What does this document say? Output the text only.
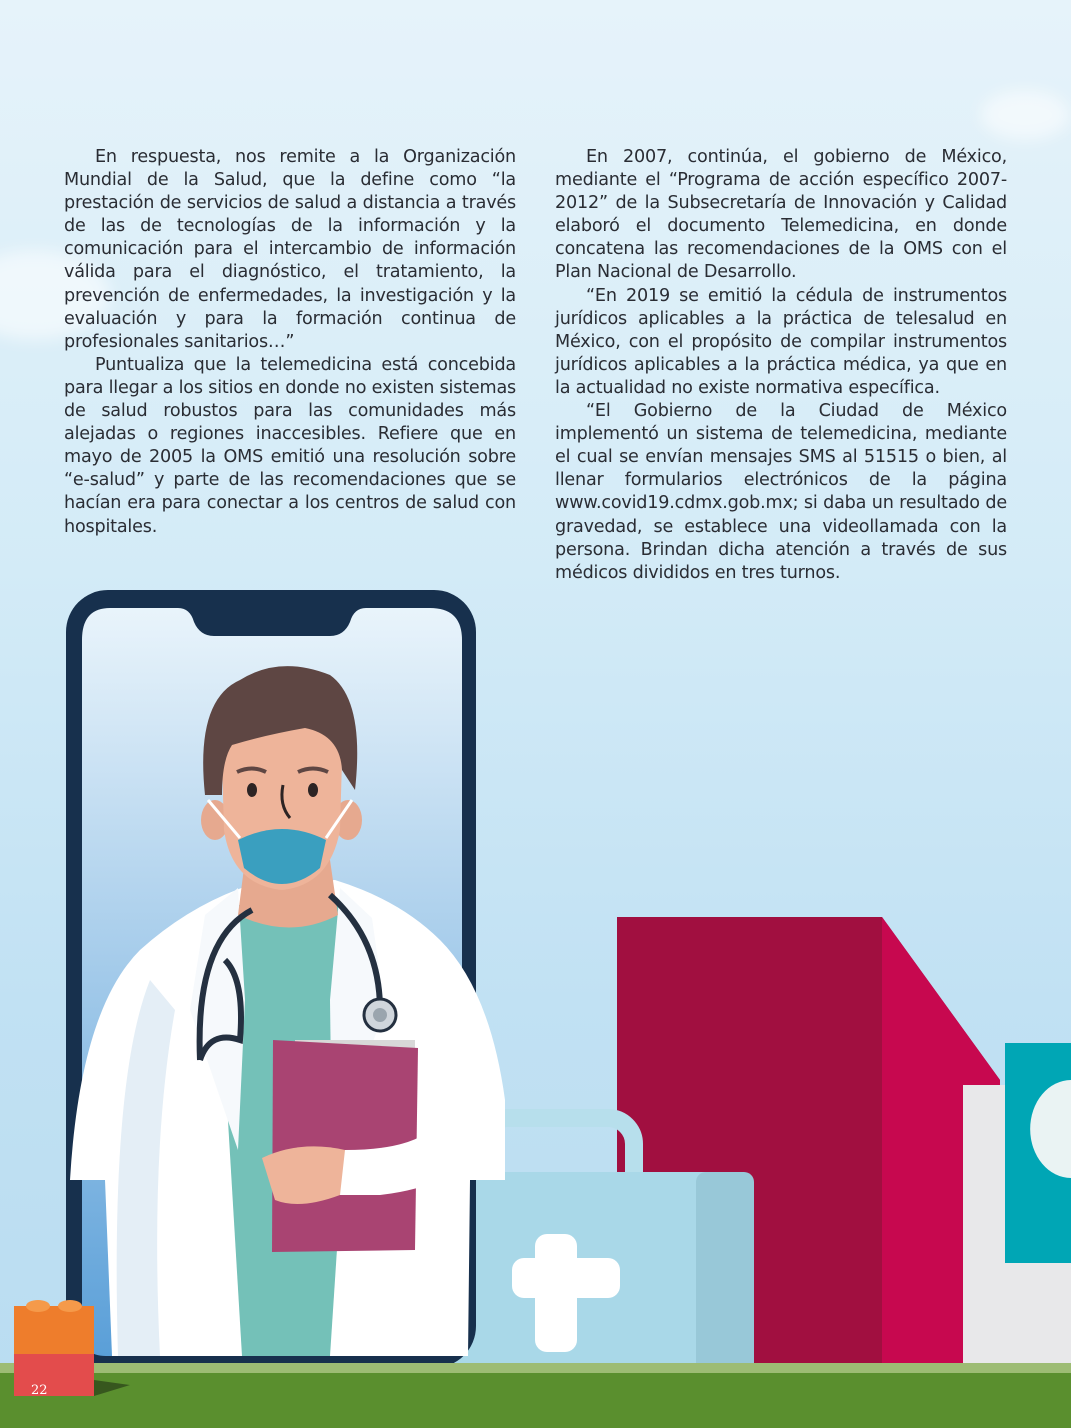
En respuesta, nos remite a la Organización Mundial de la Salud, que la define como “la prestación de servicios de salud a distancia a través de las de tecnologías de la información y la comunicación para el intercambio de información válida para el diagnóstico, el tratamiento, la prevención de enfermedades, la investigación y la evaluación y para la formación continua de profesionales sanitarios…”

Puntualiza que la telemedicina está concebida para llegar a los sitios en donde no existen sistemas de salud robustos para las comunidades más alejadas o regiones inaccesibles. Refiere que en mayo de 2005 la OMS emitió una resolución sobre “e-salud” y parte de las recomendaciones que se hacían era para conectar a los centros de salud con hospitales.

En 2007, continúa, el gobierno de México, mediante el “Programa de acción específico 2007-2012” de la Subsecretaría de Innovación y Calidad elaboró el documento Telemedicina, en donde concatena las recomendaciones de la OMS con el Plan Nacional de Desarrollo.

“En 2019 se emitió la cédula de instrumentos jurídicos aplicables a la práctica de telesalud en México, con el propósito de compilar instrumentos jurídicos aplicables a la práctica médica, ya que en la actualidad no existe normativa específica.

“El Gobierno de la Ciudad de México implementó un sistema de telemedicina, mediante el cual se envían mensajes SMS al 51515 o bien, al llenar formularios electrónicos de la página www.covid19.cdmx.gob.mx; si daba un resultado de gravedad, se establece una videollamada con la persona. Brindan dicha atención a través de sus médicos divididos en tres turnos.

22
